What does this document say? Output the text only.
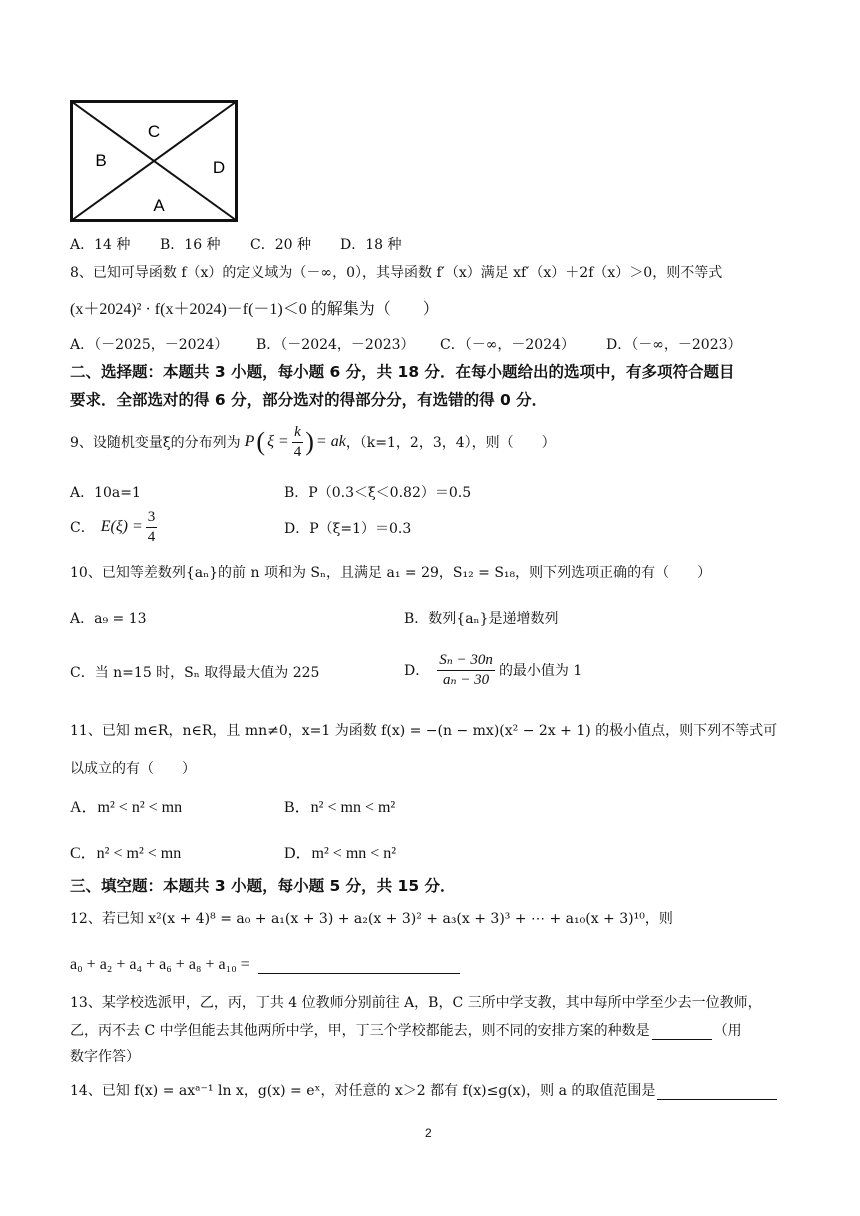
C
B	D
A
A．14 种 B．16 种 C．20 种 D．18 种
8、已知可导函数 f（x）的定义域为（－∞，0），其导函数 f′（x）满足 xf′（x）＋2f（x）＞0，则不等式
(x＋2024)² · f(x＋2024)－f(－1)＜0 的解集为（　　）
A．（－2025，－2024） B．（－2024，－2023） C．（－∞，－2024） D．（－∞，－2023）
二、选择题：本题共 3 小题，每小题 6 分，共 18 分．在每小题给出的选项中，有多项符合题目
要求．全部选对的得 6 分，部分选对的得部分分，有选错的得 0 分．
9、设随机变量ξ的分布列为 P ( $\xi = \frac{k}{4}$ ) = ak ，（k=1，2，3，4），则（　　）
A．10a=1	B．P（0.3＜ξ＜0.82）＝0.5
C． $E(\xi) = \frac{3}{4}$	D．P（ξ=1）＝0.3
10、已知等差数列{aₙ}的前 n 项和为 Sₙ，且满足 a₁ = 29，S₁₂ = S₁₈，则下列选项正确的有（　　）
A．a₉ = 13	B．数列{aₙ}是递增数列
C．当 n=15 时，Sₙ 取得最大值为 225	D． $\frac{\text{Sₙ − 30n}}{\text{aₙ − 30}}$ 的最小值为 1
11、已知 m∈R，n∈R，且 mn≠0，x=1 为函数 f(x) = −(n − mx)(x² − 2x + 1) 的极小值点，则下列不等式可
以成立的有（　　）
A．m² < n² < mn	B．n² < mn < m²
C．n² < m² < mn	D．m² < mn < n²
三、填空题：本题共 3 小题，每小题 5 分，共 15 分．
12、若已知 x²(x + 4)⁸ = a₀ + a₁(x + 3) + a₂(x + 3)² + a₃(x + 3)³ + ⋯ + a₁₀(x + 3)¹⁰，则
a₀ + a₂ + a₄ + a₆ + a₈ + a₁₀ =
13、某学校选派甲，乙，丙，丁共 4 位教师分别前往 A，B，C 三所中学支教，其中每所中学至少去一位教师，
乙，丙不去 C 中学但能去其他两所中学，甲，丁三个学校都能去，则不同的安排方案的种数是	（用
数字作答）
14、已知 f(x) = axᵃ⁻¹ ln x，g(x) = eˣ，对任意的 x＞2 都有 f(x)≤g(x)，则 a 的取值范围是
2
